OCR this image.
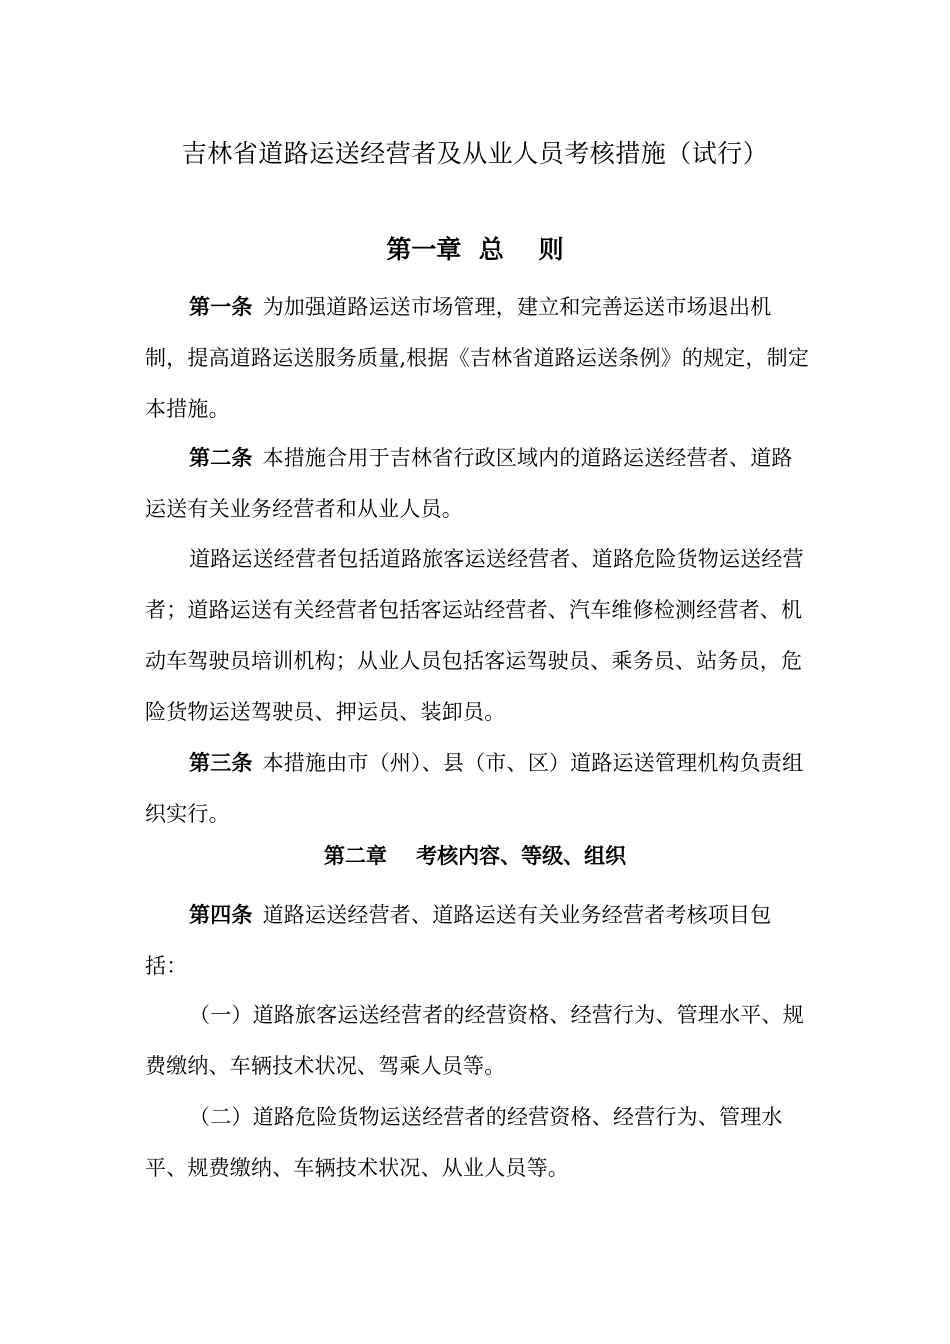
吉林省道路运送经营者及从业人员考核措施（试行）
第一章  总    则

第一条 为加强道路运送市场管理，建立和完善运送市场退出机制，提高道路运送服务质量,根据《吉林省道路运送条例》的规定，制定本措施。

第二条 本措施合用于吉林省行政区域内的道路运送经营者、道路运送有关业务经营者和从业人员。

道路运送经营者包括道路旅客运送经营者、道路危险货物运送经营者；道路运送有关经营者包括客运站经营者、汽车维修检测经营者、机动车驾驶员培训机构；从业人员包括客运驾驶员、乘务员、站务员，危险货物运送驾驶员、押运员、装卸员。

第三条 本措施由市（州）、县（市、区）道路运送管理机构负责组织实行。

第二章    考核内容、等级、组织

第四条 道路运送经营者、道路运送有关业务经营者考核项目包括：

（一）道路旅客运送经营者的经营资格、经营行为、管理水平、规费缴纳、车辆技术状况、驾乘人员等。

（二）道路危险货物运送经营者的经营资格、经营行为、管理水平、规费缴纳、车辆技术状况、从业人员等。
